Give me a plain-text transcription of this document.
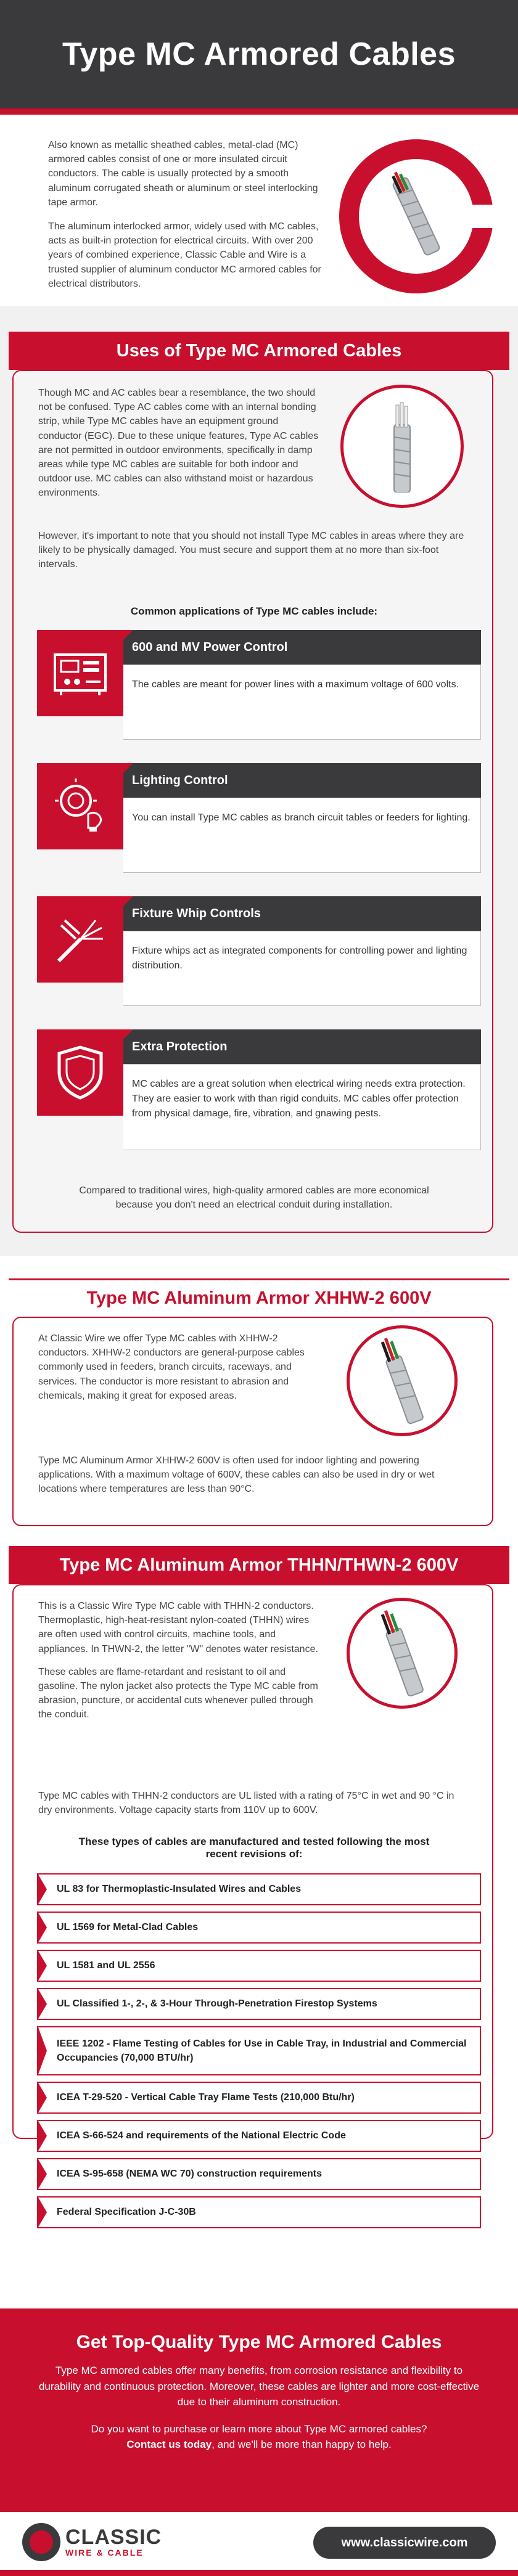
Type MC Armored Cables

Also known as metallic sheathed cables, metal-clad (MC) armored cables consist of one or more insulated circuit conductors. The cable is usually protected by a smooth aluminum corrugated sheath or aluminum or steel interlocking tape armor.

The aluminum interlocked armor, widely used with MC cables, acts as built-in protection for electrical circuits. With over 200 years of combined experience, Classic Cable and Wire is a trusted supplier of aluminum conductor MC armored cables for electrical distributors.

Uses of Type MC Armored Cables

Though MC and AC cables bear a resemblance, the two should not be confused. Type AC cables come with an internal bonding strip, while Type MC cables have an equipment ground conductor (EGC). Due to these unique features, Type AC cables are not permitted in outdoor environments, specifically in damp areas while type MC cables are suitable for both indoor and outdoor use. MC cables can also withstand moist or hazardous environments.

However, it's important to note that you should not install Type MC cables in areas where they are likely to be physically damaged. You must secure and support them at no more than six-foot intervals.

Common applications of Type MC cables include:
600 and MV Power Control
The cables are meant for power lines with a maximum voltage of 600 volts.
Lighting Control
You can install Type MC cables as branch circuit tables or feeders for lighting.
Fixture Whip Controls
Fixture whips act as integrated components for controlling power and lighting distribution.
Extra Protection
MC cables are a great solution when electrical wiring needs extra protection. They are easier to work with than rigid conduits. MC cables offer protection from physical damage, fire, vibration, and gnawing pests.
Compared to traditional wires, high-quality armored cables are more economical because you don't need an electrical conduit during installation.
Type MC Aluminum Armor XHHW-2 600V

At Classic Wire we offer Type MC cables with XHHW-2 conductors. XHHW-2 conductors are general-purpose cables commonly used in feeders, branch circuits, raceways, and services. The conductor is more resistant to abrasion and chemicals, making it great for exposed areas.

Type MC Aluminum Armor XHHW-2 600V is often used for indoor lighting and powering applications. With a maximum voltage of 600V, these cables can also be used in dry or wet locations where temperatures are less than 90°C.

Type MC Aluminum Armor THHN/THWN-2 600V

This is a Classic Wire Type MC cable with THHN-2 conductors. Thermoplastic, high-heat-resistant nylon-coated (THHN) wires are often used with control circuits, machine tools, and appliances. In THWN-2, the letter "W" denotes water resistance.

These cables are flame-retardant and resistant to oil and gasoline. The nylon jacket also protects the Type MC cable from abrasion, puncture, or accidental cuts whenever pulled through the conduit.

Type MC cables with THHN-2 conductors are UL listed with a rating of 75°C in wet and 90 °C in dry environments. Voltage capacity starts from 110V up to 600V.

These types of cables are manufactured and tested following the most recent revisions of:
UL 83 for Thermoplastic-Insulated Wires and Cables
UL 1569 for Metal-Clad Cables
UL 1581 and UL 2556
UL Classified 1-, 2-, & 3-Hour Through-Penetration Firestop Systems
IEEE 1202 - Flame Testing of Cables for Use in Cable Tray, in Industrial and Commercial Occupancies (70,000 BTU/hr)
ICEA T-29-520 - Vertical Cable Tray Flame Tests (210,000 Btu/hr)
ICEA S-66-524 and requirements of the National Electric Code
ICEA S-95-658 (NEMA WC 70) construction requirements
Federal Specification J-C-30B
Get Top-Quality Type MC Armored Cables

Type MC armored cables offer many benefits, from corrosion resistance and flexibility to durability and continuous protection. Moreover, these cables are lighter and more cost-effective due to their aluminum construction.

Do you want to purchase or learn more about Type MC armored cables?
Contact us today, and we'll be more than happy to help.

CLASSIC
WIRE & CABLE
www.classicwire.com
